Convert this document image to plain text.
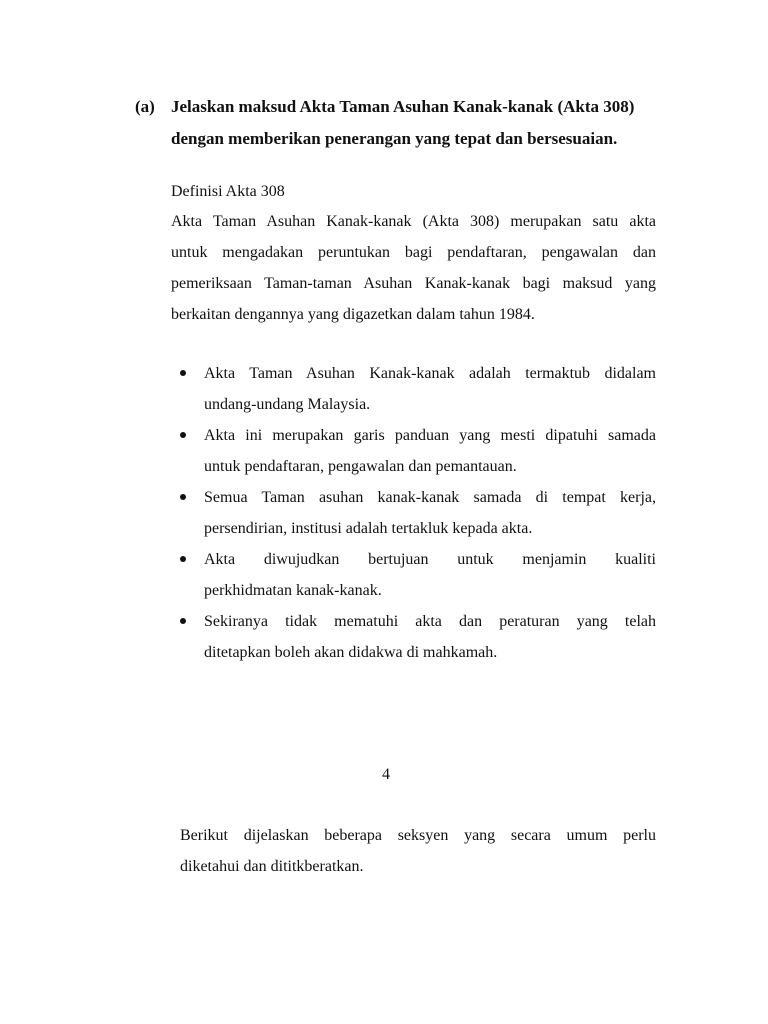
(a) Jelaskan maksud Akta Taman Asuhan Kanak-kanak (Akta 308)
dengan memberikan penerangan yang tepat dan bersesuaian.
Definisi Akta 308
Akta Taman Asuhan Kanak-kanak (Akta 308) merupakan satu akta
untuk mengadakan peruntukan bagi pendaftaran, pengawalan dan
pemeriksaan Taman-taman Asuhan Kanak-kanak bagi maksud yang
berkaitan dengannya yang digazetkan dalam tahun 1984.
Akta Taman Asuhan Kanak-kanak adalah termaktub didalam
undang-undang Malaysia.
Akta ini merupakan garis panduan yang mesti dipatuhi samada
untuk pendaftaran, pengawalan dan pemantauan.
Semua Taman asuhan kanak-kanak samada di tempat kerja,
persendirian, institusi adalah tertakluk kepada akta.
Akta diwujudkan bertujuan untuk menjamin kualiti
perkhidmatan kanak-kanak.
Sekiranya tidak mematuhi akta dan peraturan yang telah
ditetapkan boleh akan didakwa di mahkamah.
4
Berikut dijelaskan beberapa seksyen yang secara umum perlu
diketahui dan dititkberatkan.
